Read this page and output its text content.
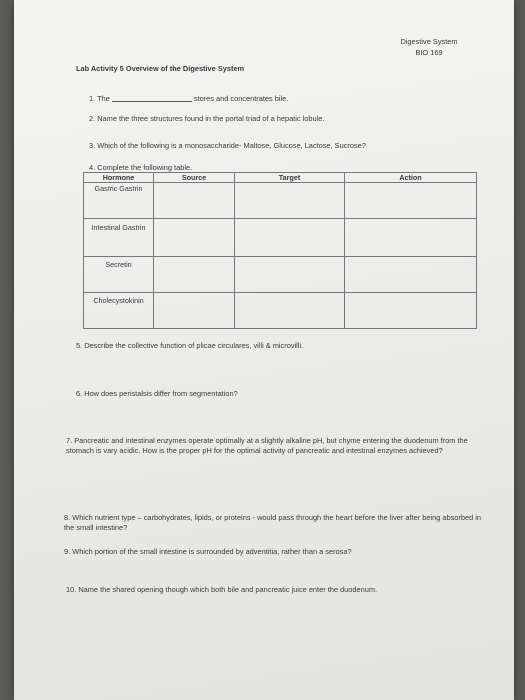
Digestive System
BIO 169
Lab Activity 5 Overview of the Digestive System
1. The	stores and concentrates bile.
2. Name the three structures found in the portal triad of a hepatic lobule.
3. Which of the following is a monosaccharide- Maltose, Glucose, Lactose, Sucrose?
4. Complete the following table.
Hormone	Source	Target	Action
Gastric Gastrin			
Intestinal Gastrin			
Secretin			
Cholecystokinin			
5. Describe the collective function of plicae circulares, villi & microvilli.
6. How does peristalsis differ from segmentation?
7. Pancreatic and intestinal enzymes operate optimally at a slightly alkaline pH, but chyme entering the duodenum from the stomach is vary acidic. How is the proper pH for the optimal activity of pancreatic and intestinal enzymes achieved?
8. Which nutrient type – carbohydrates, lipids, or proteins - would pass through the heart before the liver after being absorbed in the small intestine?
9. Which portion of the small intestine is surrounded by adventitia, rather than a serosa?
10. Name the shared opening though which both bile and pancreatic juice enter the duodenum.
